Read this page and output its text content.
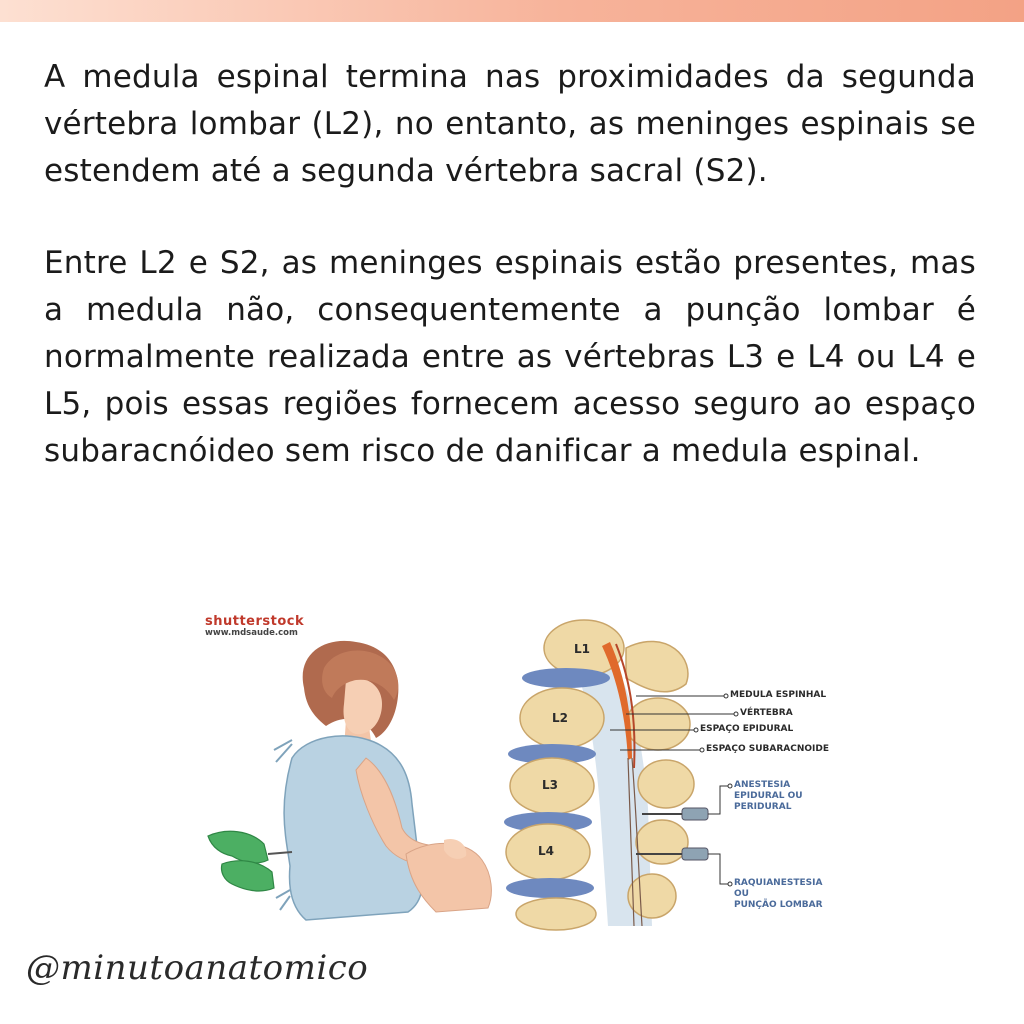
A medula espinal termina nas proximidades da segunda vértebra lombar (L2), no entanto, as meninges espinais se estendem até a segunda vértebra sacral (S2).

Entre L2 e S2, as meninges espinais estão presentes, mas a medula não, consequentemente a punção lombar é normalmente realizada entre as vértebras L3 e L4 ou L4 e L5, pois essas regiões fornecem acesso seguro ao espaço subaracnóideo sem risco de danificar a medula espinal.

shutterstock
www.mdsaude.com
L1
L2
L3
L4
MEDULA ESPINHAL
VÉRTEBRA
ESPAÇO EPIDURAL
ESPAÇO SUBARACNOIDE
ANESTESIA
EPIDURAL OU
PERIDURAL
RAQUIANESTESIA
OU
PUNÇÃO LOMBAR
@minutoanatomico
